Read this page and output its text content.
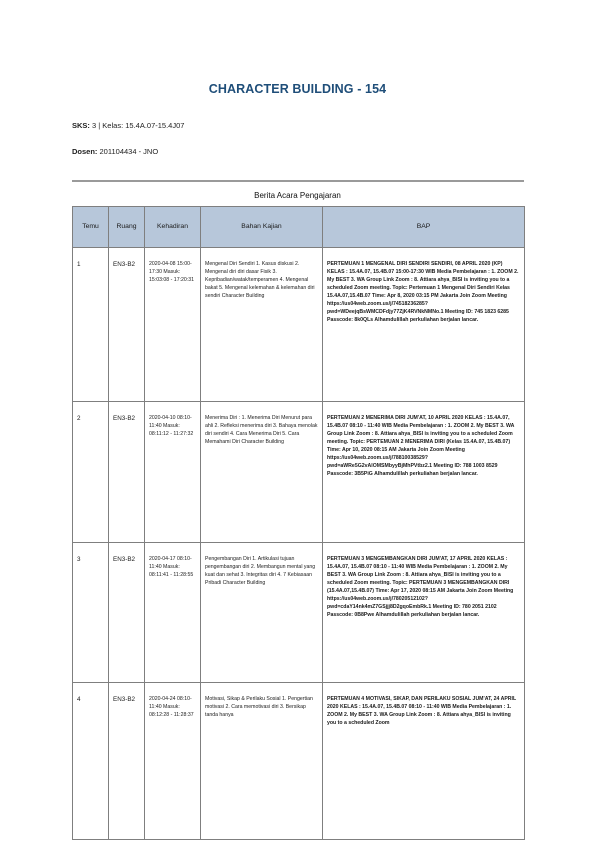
CHARACTER BUILDING - 154
SKS: 3 | Kelas: 15.4A.07-15.4J07
Dosen: 201104434 - JNO
Berita Acara Pengajaran
Temu	Ruang	Kehadiran	Bahan Kajian	BAP
1	EN3-B2	2020-04-08 15:00-17:30 Masuk: 15:03:08 - 17:20:31	Mengenal Diri Sendiri 1. Kasus diskusi 2. Mengenal diri diri dasar Fisik 3. Kepribadian/watak/temperamen 4. Mengenal bakat 5. Mengenal kelemahan & kelemahan diri sendiri Character Building	PERTEMUAN 1 MENGENAL DIRI SENDIRI SENDIRI, 08 APRIL 2020 (KP) KELAS : 15.4A.07, 15.4B.07 15:00-17:30 WIB Media Pembelajaran : 1. ZOOM 2. My BEST 3. WA Group Link Zoom : 8. Attiara ahya_BISI is inviting you to a scheduled Zoom meeting. Topic: Pertemuan 1 Mengenal Diri Sendiri Kelas 15.4A.07,15.4B.07 Time: Apr 8, 2020 03:15 PM Jakarta Join Zoom Meeting https://us04web.zoom.us/j/74518236285?pwd=WDeejqBsWMCDFdjy77ZjK4RVNkNMNo.1 Meeting ID: 745 1823 6285 Passcode: 8k0QLs Alhamdulillah perkuliahan berjalan lancar.
2	EN3-B2	2020-04-10 08:10-11:40 Masuk: 08:11:12 - 11:27:32	Menerima Diri : 1. Menerima Diri Menurut para ahli 2. Refleksi menerima diri 3. Bahaya menolak diri sendiri 4. Cara Menerima Diri 5. Cara Memahami Diri Character Building	PERTEMUAN 2 MENERIMA DIRI JUM'AT, 10 APRIL 2020 KELAS : 15.4A.07, 15.4B.07 08:10 - 11:40 WIB Media Pembelajaran : 1. ZOOM 2. My BEST 3. WA Group Link Zoom : 8. Attiara ahya_BISI is inviting you to a scheduled Zoom meeting. Topic: PERTEMUAN 2 MENERIMA DIRI (Kelas 15.4A.07, 15.4B.07) Time: Apr 10, 2020 08:15 AM Jakarta Join Zoom Meeting https://us04web.zoom.us/j/78810038529?pwd=aWRe5G2vAlOMSMbyyBjMhPVtbz2.1 Meeting ID: 788 1003 8529 Passcode: 3B5PiG Alhamdulillah perkuliahan berjalan lancar.
3	EN3-B2	2020-04-17 08:10-11:40 Masuk: 08:11:41 - 11:28:55	Pengembangan Diri 1. Artikulasi tujuan pengembangan diri 2. Membangun mental yang kuat dan sehat 3. Integritas diri 4. 7 Kebiasaan Pribadi Character Building	PERTEMUAN 3 MENGEMBANGKAN DIRI JUM'AT, 17 APRIL 2020 KELAS : 15.4A.07, 15.4B.07 08:10 - 11:40 WIB Media Pembelajaran : 1. ZOOM 2. My BEST 3. WA Group Link Zoom : 8. Attiara ahya_BISI is inviting you to a scheduled Zoom meeting. Topic: PERTEMUAN 3 MENGEMBANGKAN DIRI (15.4A.07,15.4B.07) Time: Apr 17, 2020 08:15 AM Jakarta Join Zoom Meeting https://us04web.zoom.us/j/78020512102?pwd=cdaY14nk4mZ7GSjjj8D2gqoEmbRk.1 Meeting ID: 780 2051 2102 Passcode: 0B8Pwe Alhamdulillah perkuliahan berjalan lancar.
4	EN3-B2	2020-04-24 08:10-11:40 Masuk: 08:12:28 - 11:28:37	Motivasi, Sikap & Perilaku Sosial 1. Pengertian motivasi 2. Cara memotivasi diri 3. Bersikap tanda hanya	PERTEMUAN 4 MOTIVASI, SIKAP, DAN PERILAKU SOSIAL JUM'AT, 24 APRIL 2020 KELAS : 15.4A.07, 15.4B.07 08:10 - 11:40 WIB Media Pembelajaran : 1. ZOOM 2. My BEST 3. WA Group Link Zoom : 8. Attiara ahya_BISI is inviting you to a scheduled Zoom
